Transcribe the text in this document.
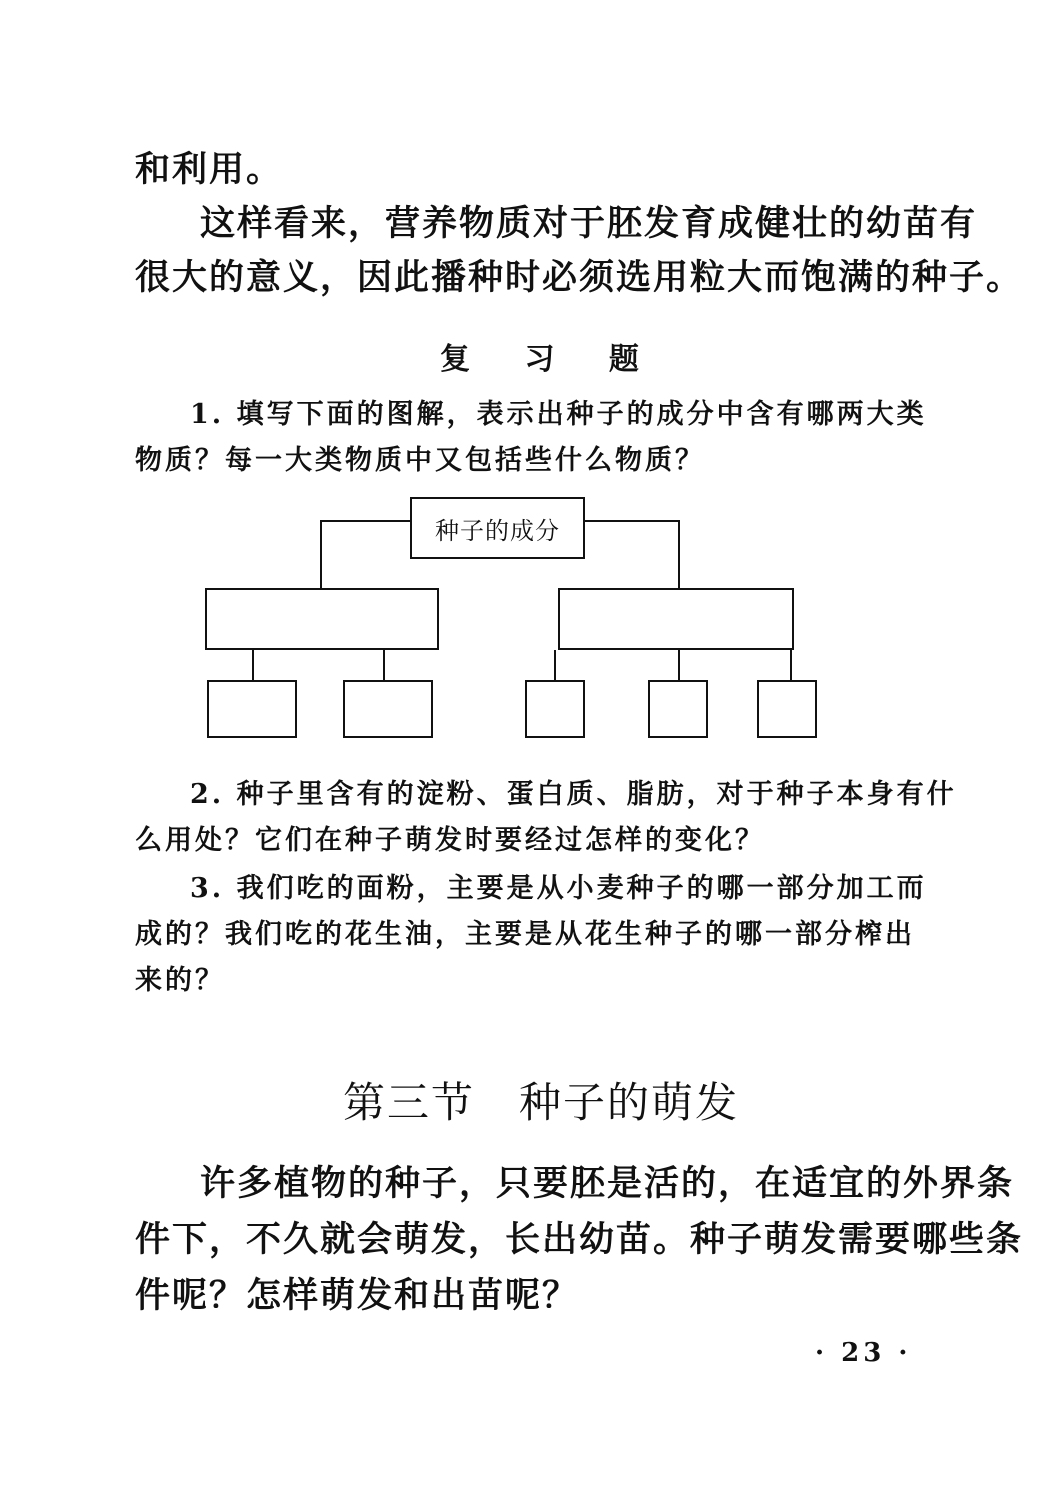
和利用。
这样看来，营养物质对于胚发育成健壮的幼苗有
很大的意义，因此播种时必须选用粒大而饱满的种子。
复 习 题
1. 填写下面的图解，表示出种子的成分中含有哪两大类
物质？每一大类物质中又包括些什么物质？
种子的成分
2. 种子里含有的淀粉、蛋白质、脂肪，对于种子本身有什
么用处？它们在种子萌发时要经过怎样的变化？
3. 我们吃的面粉，主要是从小麦种子的哪一部分加工而
成的？我们吃的花生油，主要是从花生种子的哪一部分榨出
来的？
第三节　种子的萌发
许多植物的种子，只要胚是活的，在适宜的外界条
件下，不久就会萌发，长出幼苗。种子萌发需要哪些条
件呢？怎样萌发和出苗呢？
· 23 ·
